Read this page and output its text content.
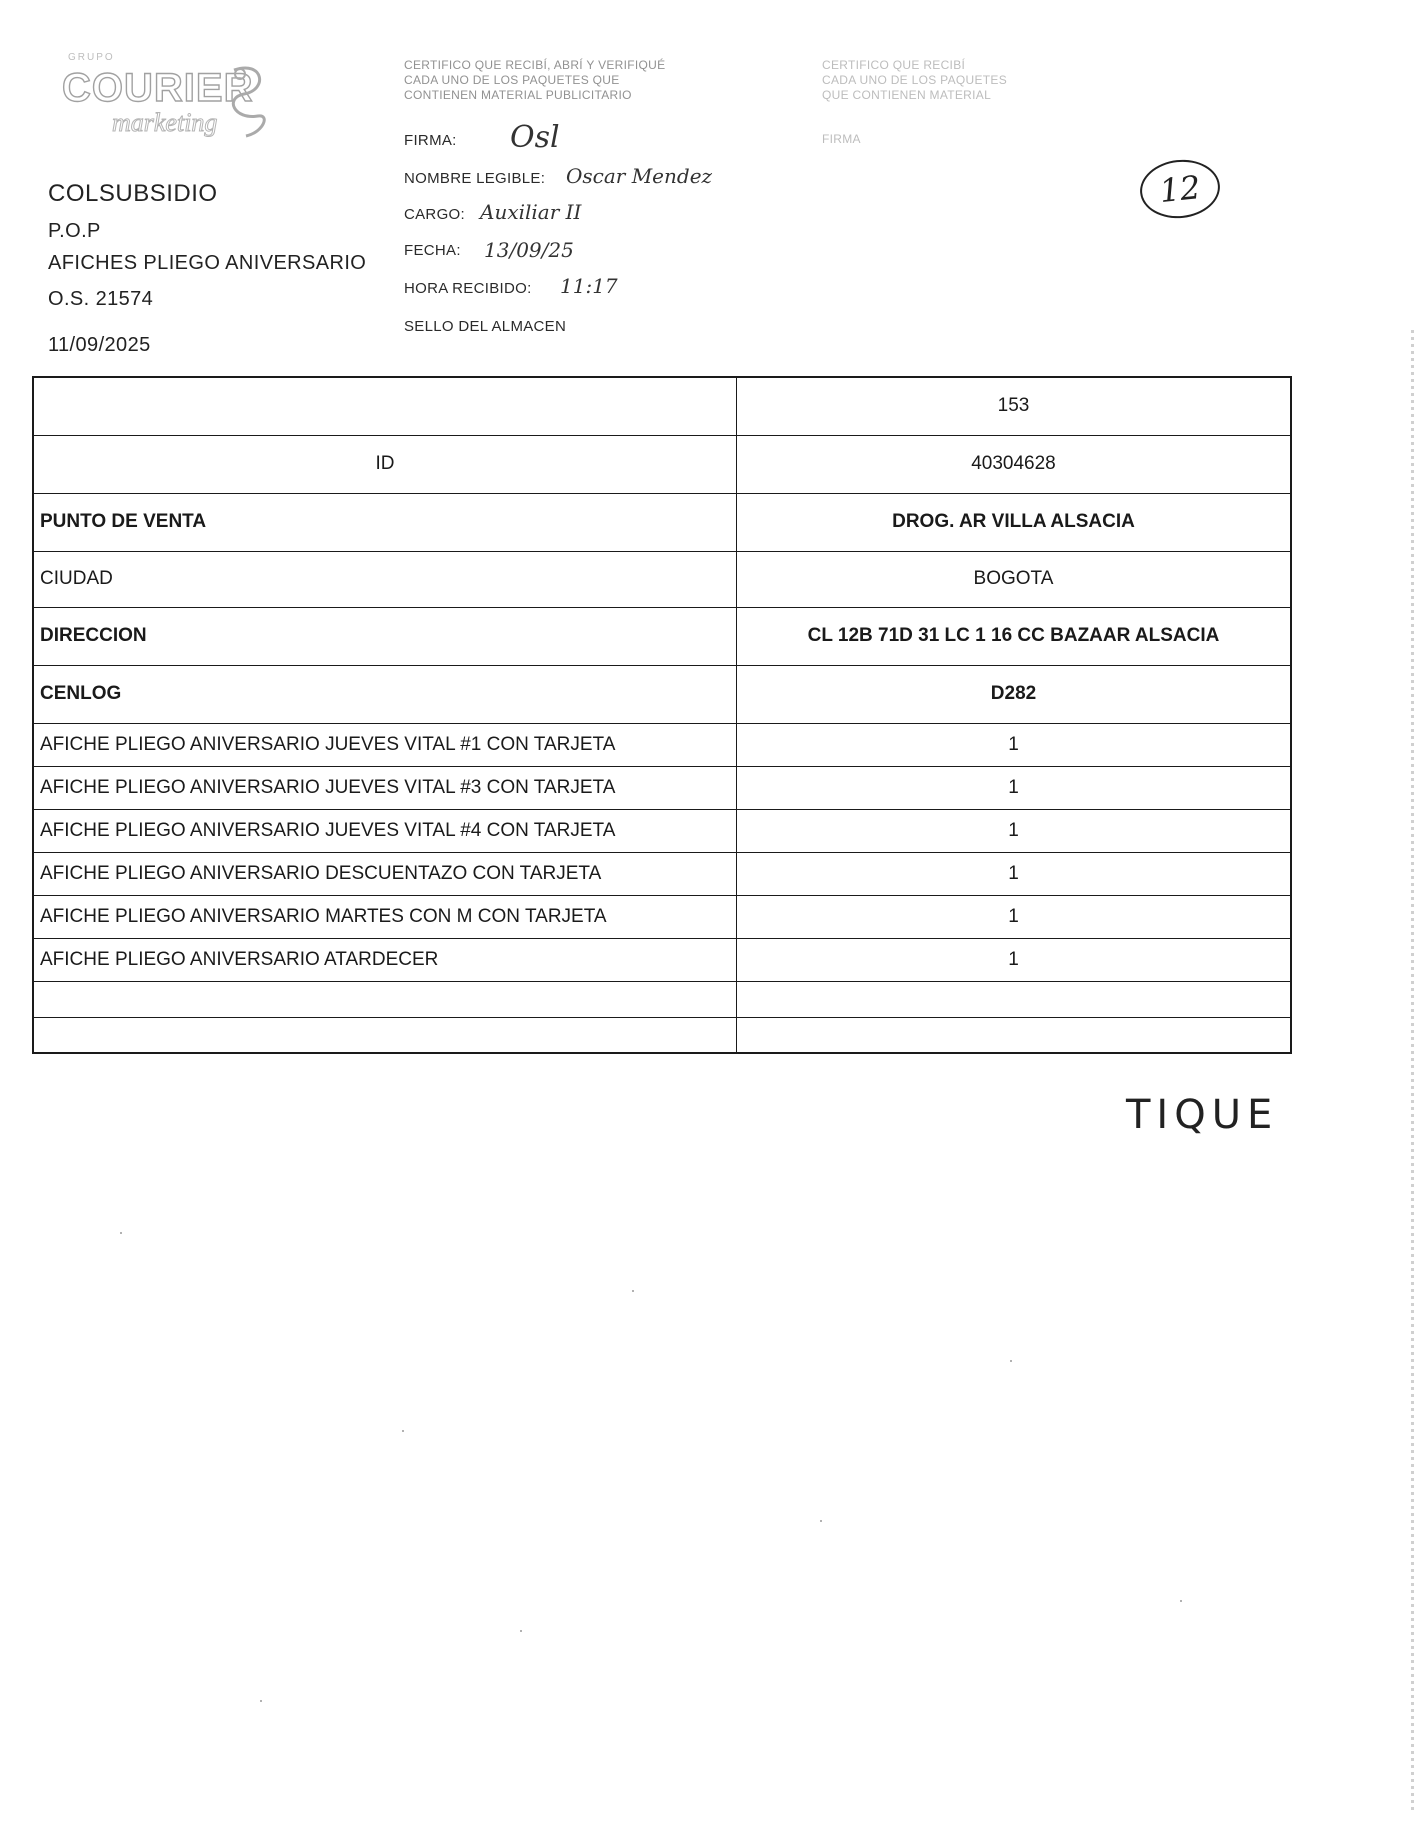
GRUPO
COURIER
marketing
COLSUBSIDIO
P.O.P
AFICHES PLIEGO ANIVERSARIO
O.S. 21574
11/09/2025
CERTIFICO QUE RECIBÍ, ABRÍ Y VERIFIQUÉ
CADA UNO DE LOS PAQUETES QUE
CONTIENEN MATERIAL PUBLICITARIO
CERTIFICO QUE RECIBÍ
CADA UNO DE LOS PAQUETES
QUE CONTIENEN MATERIAL
FIRMA
FIRMA: Osl
NOMBRE LEGIBLE: Oscar Mendez
CARGO: Auxiliar II
FECHA: 13/09/25
HORA RECIBIDO: 11:17
SELLO DEL ALMACEN
12
	153
ID	40304628
PUNTO DE VENTA	DROG. AR VILLA ALSACIA
CIUDAD	BOGOTA
DIRECCION	CL 12B 71D 31 LC 1 16 CC BAZAAR ALSACIA
CENLOG	D282
AFICHE PLIEGO ANIVERSARIO JUEVES VITAL #1 CON TARJETA	1
AFICHE PLIEGO ANIVERSARIO JUEVES VITAL #3 CON TARJETA	1
AFICHE PLIEGO ANIVERSARIO JUEVES VITAL #4 CON TARJETA	1
AFICHE PLIEGO ANIVERSARIO DESCUENTAZO CON TARJETA	1
AFICHE PLIEGO ANIVERSARIO MARTES CON M CON TARJETA	1
AFICHE PLIEGO ANIVERSARIO ATARDECER	1

TIQUE
